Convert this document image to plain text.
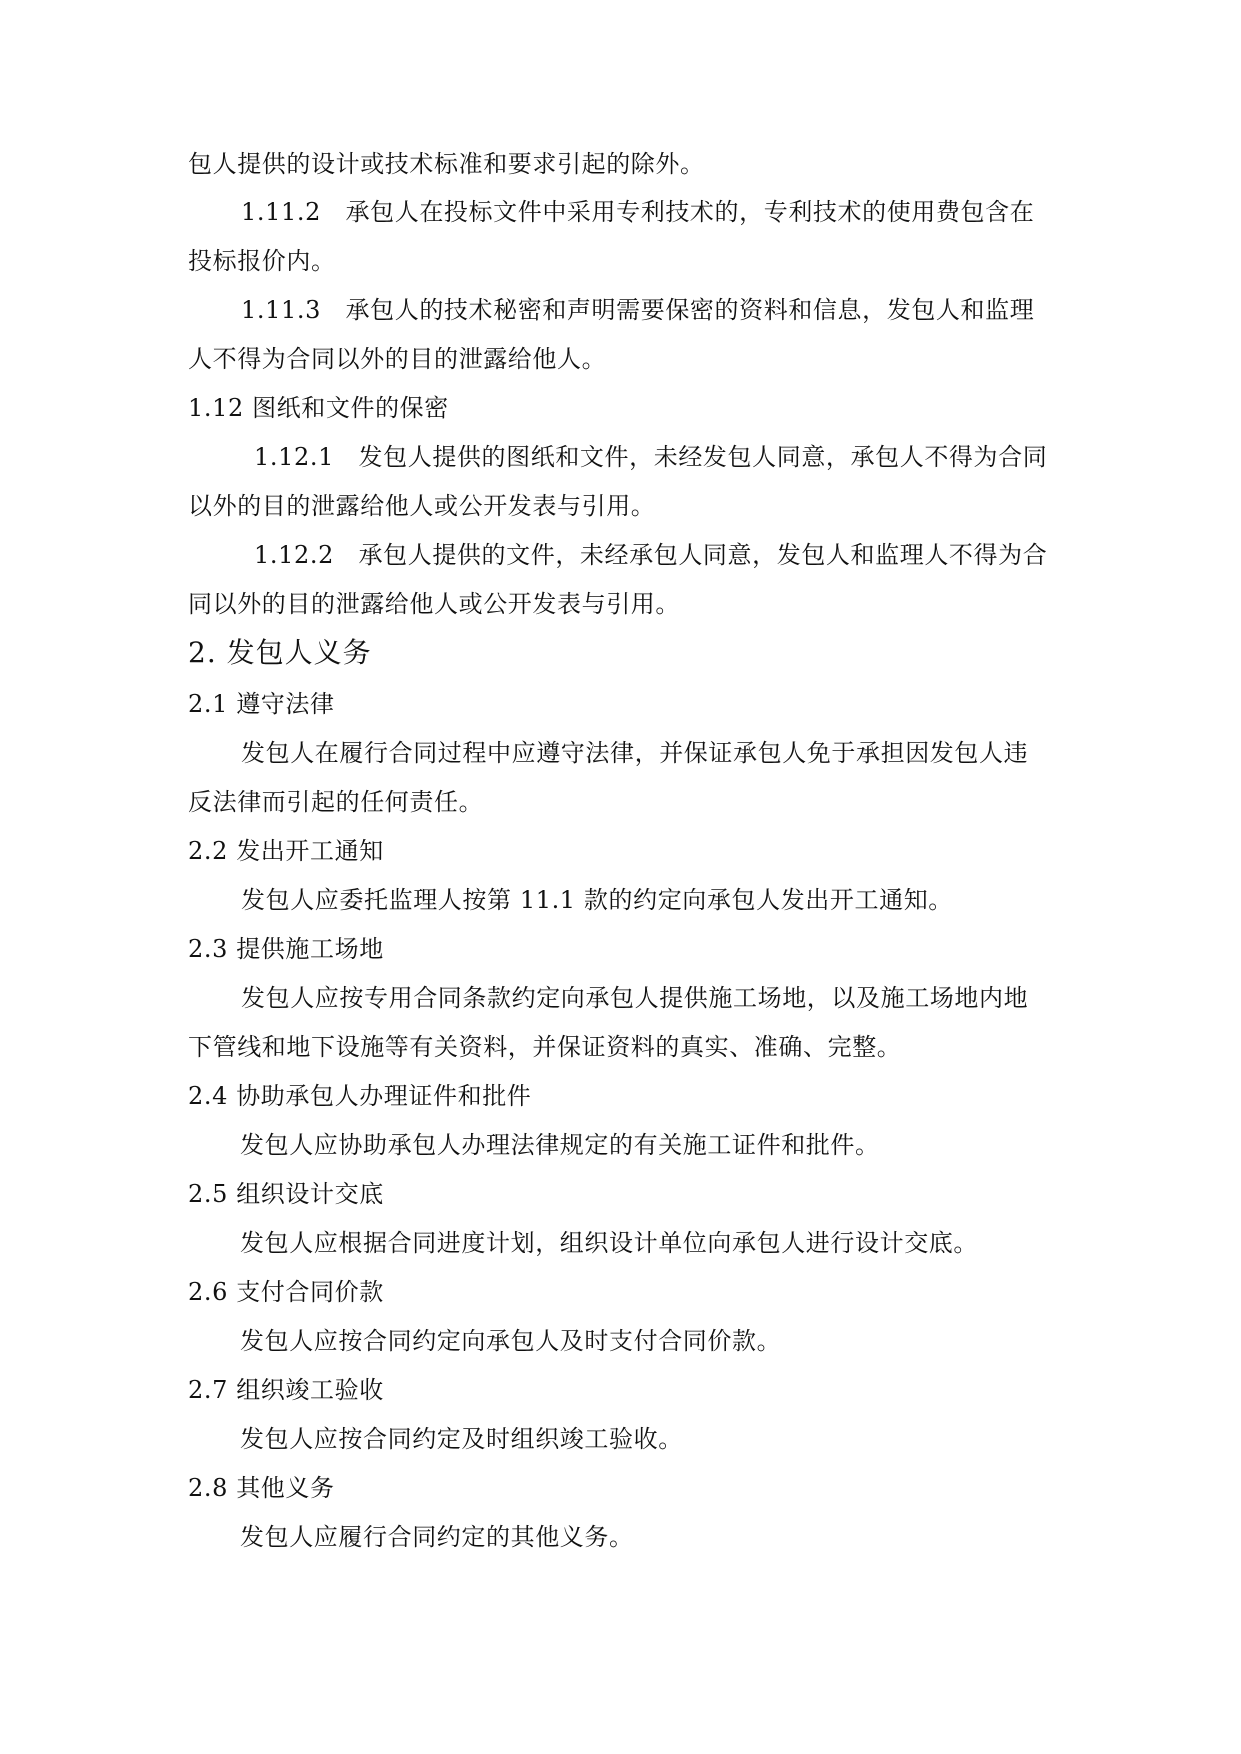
包人提供的设计或技术标准和要求引起的除外。
1.11.2　承包人在投标文件中采用专利技术的，专利技术的使用费包含在
投标报价内。
1.11.3　承包人的技术秘密和声明需要保密的资料和信息，发包人和监理
人不得为合同以外的目的泄露给他人。
1.12 图纸和文件的保密
1.12.1　发包人提供的图纸和文件，未经发包人同意，承包人不得为合同
以外的目的泄露给他人或公开发表与引用。
1.12.2　承包人提供的文件，未经承包人同意，发包人和监理人不得为合
同以外的目的泄露给他人或公开发表与引用。
2. 发包人义务
2.1 遵守法律
发包人在履行合同过程中应遵守法律，并保证承包人免于承担因发包人违
反法律而引起的任何责任。
2.2 发出开工通知
发包人应委托监理人按第 11.1 款的约定向承包人发出开工通知。
2.3 提供施工场地
发包人应按专用合同条款约定向承包人提供施工场地，以及施工场地内地
下管线和地下设施等有关资料，并保证资料的真实、准确、完整。
2.4 协助承包人办理证件和批件
发包人应协助承包人办理法律规定的有关施工证件和批件。
2.5 组织设计交底
发包人应根据合同进度计划，组织设计单位向承包人进行设计交底。
2.6 支付合同价款
发包人应按合同约定向承包人及时支付合同价款。
2.7 组织竣工验收
发包人应按合同约定及时组织竣工验收。
2.8 其他义务
发包人应履行合同约定的其他义务。
